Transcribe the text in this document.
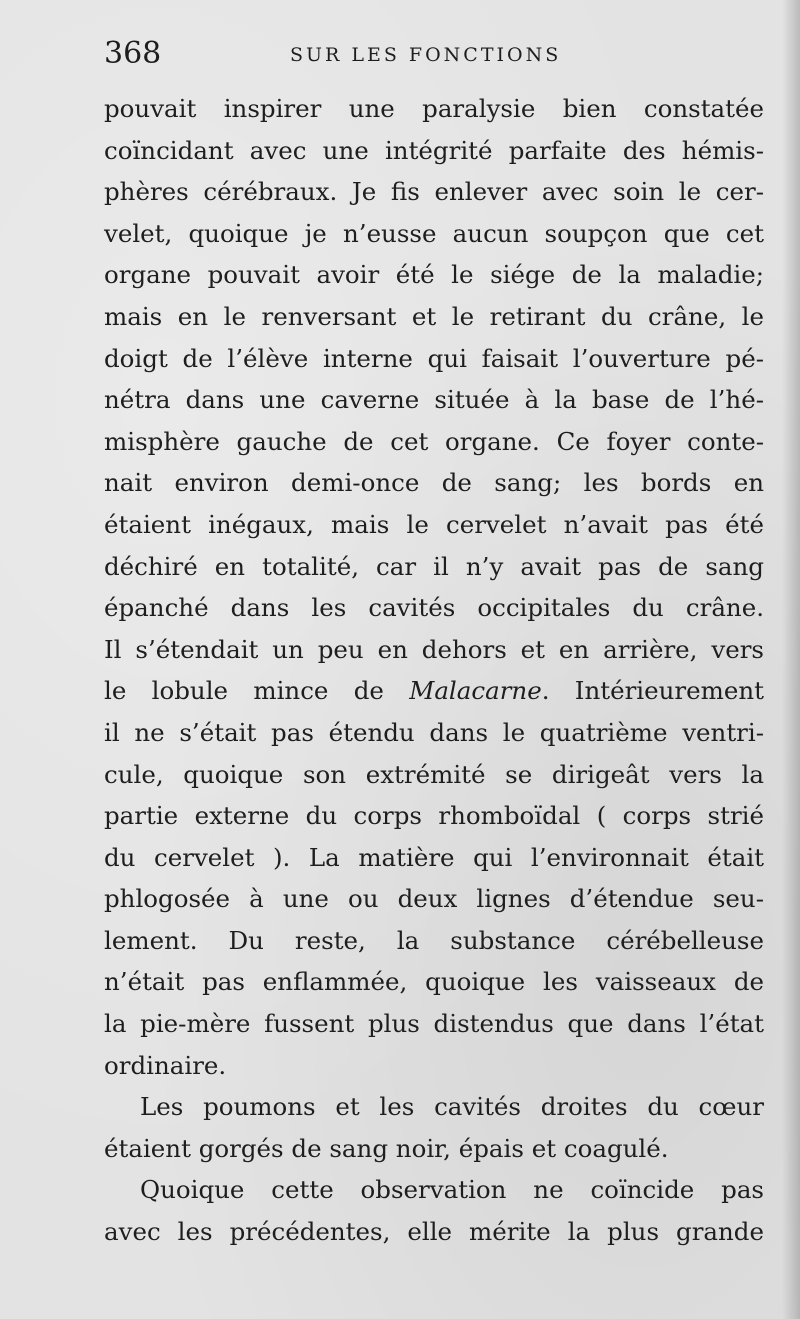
368	SUR LES FONCTIONS
pouvait inspirer une paralysie bien constatée
coïncidant avec une intégrité parfaite des hémis-
phères cérébraux. Je fis enlever avec soin le cer-
velet, quoique je n’eusse aucun soupçon que cet
organe pouvait avoir été le siége de la maladie;
mais en le renversant et le retirant du crâne, le
doigt de l’élève interne qui faisait l’ouverture pé-
nétra dans une caverne située à la base de l’hé-
misphère gauche de cet organe. Ce foyer conte-
nait environ demi-once de sang; les bords en
étaient inégaux, mais le cervelet n’avait pas été
déchiré en totalité, car il n’y avait pas de sang
épanché dans les cavités occipitales du crâne.
Il s’étendait un peu en dehors et en arrière, vers
le lobule mince de Malacarne. Intérieurement
il ne s’était pas étendu dans le quatrième ventri-
cule, quoique son extrémité se dirigeât vers la
partie externe du corps rhomboïdal ( corps strié
du cervelet ). La matière qui l’environnait était
phlogosée à une ou deux lignes d’étendue seu-
lement. Du reste, la substance cérébelleuse
n’était pas enflammée, quoique les vaisseaux de
la pie-mère fussent plus distendus que dans l’état
ordinaire.
Les poumons et les cavités droites du cœur
étaient gorgés de sang noir, épais et coagulé.
Quoique cette observation ne coïncide pas
avec les précédentes, elle mérite la plus grande
